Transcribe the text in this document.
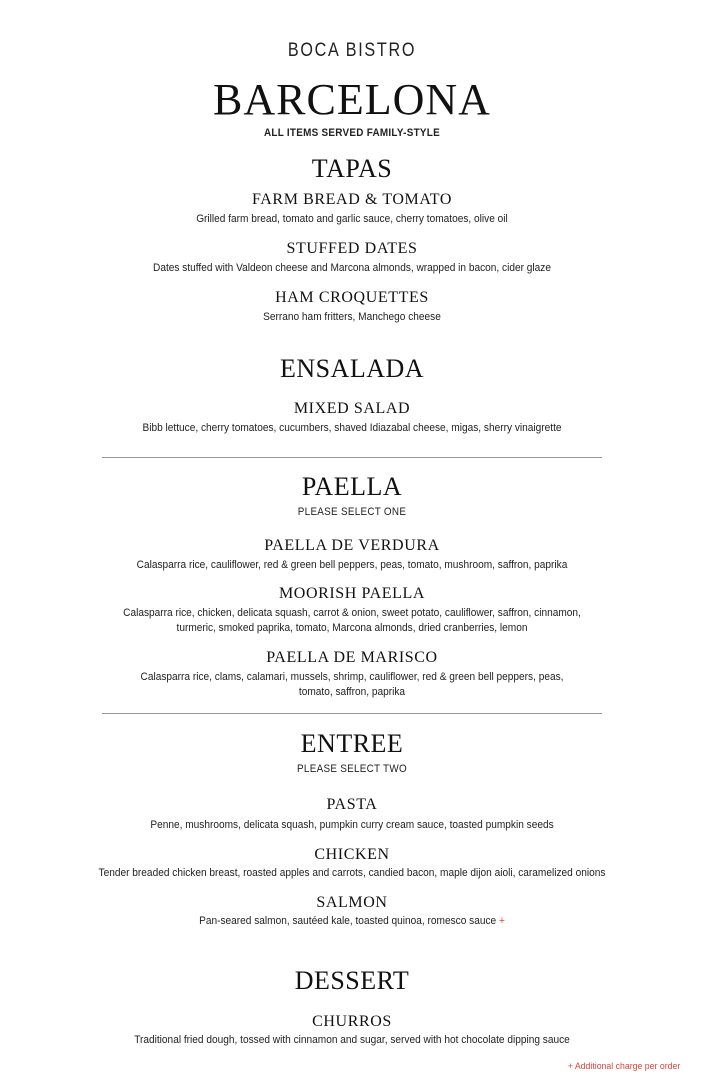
BOCA BISTRO
BARCELONA
ALL ITEMS SERVED FAMILY-STYLE
TAPAS
FARM BREAD & TOMATO
Grilled farm bread, tomato and garlic sauce, cherry tomatoes, olive oil
STUFFED DATES
Dates stuffed with Valdeon cheese and Marcona almonds, wrapped in bacon, cider glaze
HAM CROQUETTES
Serrano ham fritters, Manchego cheese
ENSALADA
MIXED SALAD
Bibb lettuce, cherry tomatoes, cucumbers, shaved Idiazabal cheese, migas, sherry vinaigrette
PAELLA
PLEASE SELECT ONE
PAELLA DE VERDURA
Calasparra rice, cauliflower, red & green bell peppers, peas, tomato, mushroom, saffron, paprika
MOORISH PAELLA
Calasparra rice, chicken, delicata squash, carrot & onion, sweet potato, cauliflower, saffron, cinnamon, turmeric, smoked paprika, tomato, Marcona almonds, dried cranberries, lemon
PAELLA DE MARISCO
Calasparra rice, clams, calamari, mussels, shrimp, cauliflower, red & green bell peppers, peas, tomato, saffron, paprika
ENTREE
PLEASE SELECT TWO
PASTA
Penne, mushrooms, delicata squash, pumpkin curry cream sauce, toasted pumpkin seeds
CHICKEN
Tender breaded chicken breast, roasted apples and carrots, candied bacon, maple dijon aioli, caramelized onions
SALMON
Pan-seared salmon, sautéed kale, toasted quinoa, romesco sauce +
DESSERT
CHURROS
Traditional fried dough, tossed with cinnamon and sugar, served with hot chocolate dipping sauce
+ Additional charge per order
